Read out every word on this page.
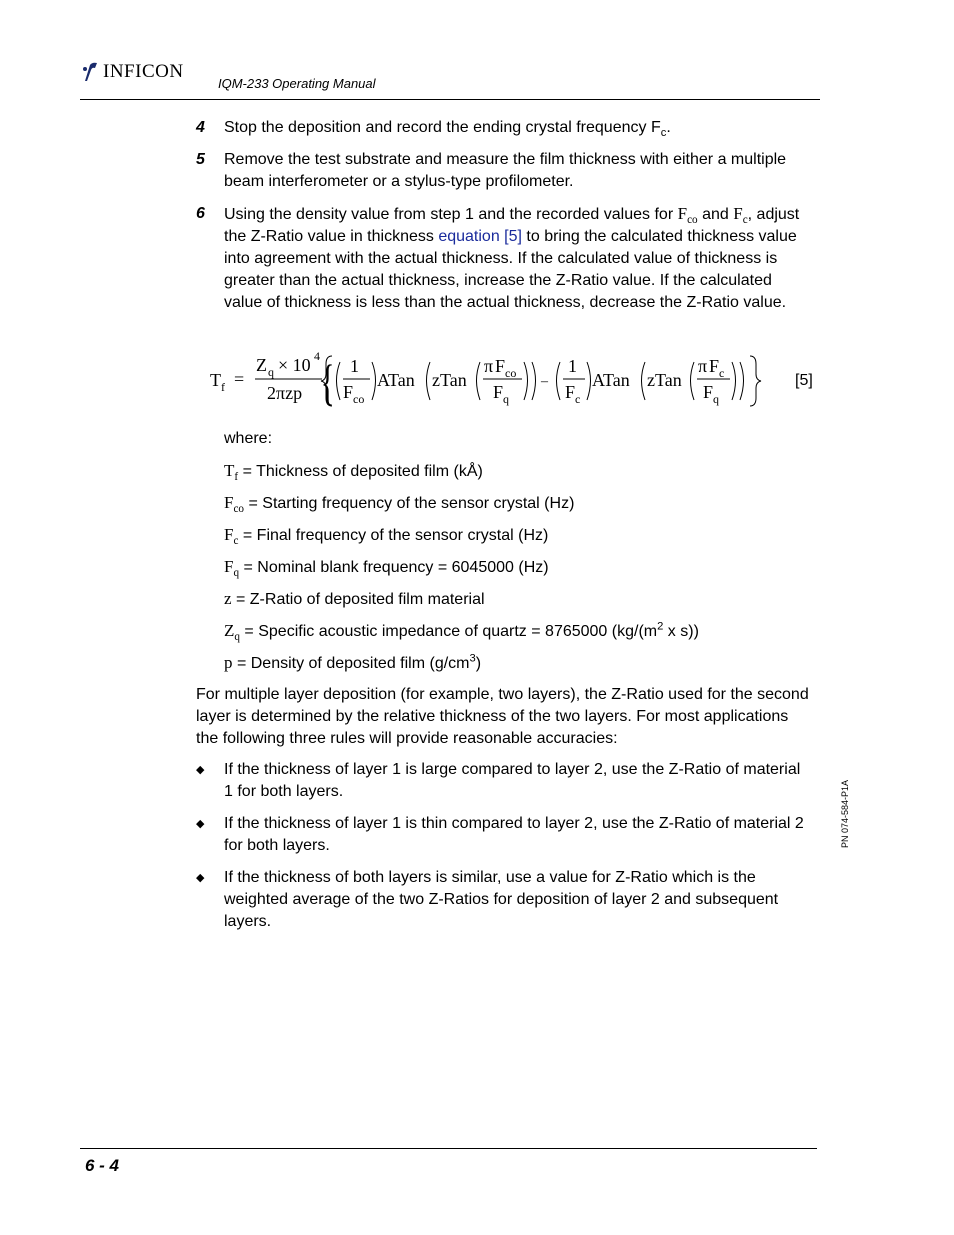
INFICON
IQM-233 Operating Manual
4 Stop the deposition and record the ending crystal frequency $F_c$.
5 Remove the test substrate and measure the film thickness with either a multiple beam interferometer or a stylus-type profilometer.
6 Using the density value from step 1 and the recorded values for $F_{co}$ and $F_c$, adjust the Z-Ratio value in thickness equation [5] to bring the calculated thickness value into agreement with the actual thickness. If the calculated value of thickness is greater than the actual thickness, increase the Z-Ratio value. If the calculated value of thickness is less than the actual thickness, decrease the Z-Ratio value.
T f =
Z q × 10 4
2πzp { 1
F co
ATan zTan
π F co
F q
–
1
F c
ATan zTan
π F c
F q
[5]
where:
$T_f$ = Thickness of deposited film (kÅ)
$F_{co}$ = Starting frequency of the sensor crystal (Hz)
$F_c$ = Final frequency of the sensor crystal (Hz)
$F_q$ = Nominal blank frequency = 6045000 (Hz)
z = Z-Ratio of deposited film material
$Z_q$ = Specific acoustic impedance of quartz = 8765000 ($kg/(m^2$ x s))
p = Density of deposited film $(g/cm^3)$
For multiple layer deposition (for example, two layers), the Z-Ratio used for the second layer is determined by the relative thickness of the two layers. For most applications the following three rules will provide reasonable accuracies:
◆ If the thickness of layer 1 is large compared to layer 2, use the Z-Ratio of material 1 for both layers.
◆ If the thickness of layer 1 is thin compared to layer 2, use the Z-Ratio of material 2 for both layers.
◆ If the thickness of both layers is similar, use a value for Z-Ratio which is the weighted average of the two Z-Ratios for deposition of layer 2 and subsequent layers.
PN 074-584-P1A
6 - 4
